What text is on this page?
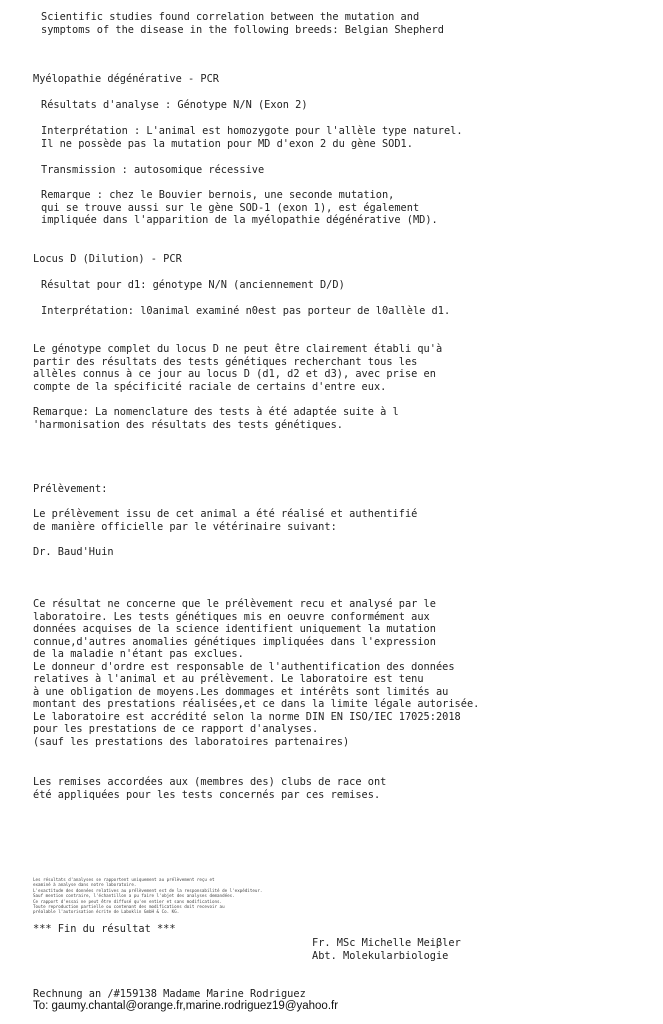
Scientific studies found correlation between the mutation and
symptoms of the disease in the following breeds: Belgian Shepherd
Myélopathie dégénérative - PCR
Résultats d'analyse : Génotype N/N (Exon 2)
Interprétation : L'animal est homozygote pour l'allèle type naturel.
Il ne possède pas la mutation pour MD d'exon 2 du gène SOD1.
Transmission : autosomique récessive
Remarque : chez le Bouvier bernois, une seconde mutation,
qui se trouve aussi sur le gène SOD-1 (exon 1), est également
impliquée dans l'apparition de la myélopathie dégénérative (MD).
Locus D (Dilution) - PCR
Résultat pour d1: génotype N/N (anciennement D/D)
Interprétation: l0animal examiné n0est pas porteur de l0allèle d1.
Le génotype complet du locus D ne peut être clairement établi qu'à
partir des résultats des tests génétiques recherchant tous les
allèles connus à ce jour au locus D (d1, d2 et d3), avec prise en
compte de la spécificité raciale de certains d'entre eux.
Remarque: La nomenclature des tests à été adaptée suite à l
'harmonisation des résultats des tests génétiques.
Prélèvement:
Le prélèvement issu de cet animal a été réalisé et authentifié
de manière officielle par le vétérinaire suivant:
Dr. Baud'Huin
Ce résultat ne concerne que le prélèvement recu et analysé par le
laboratoire. Les tests génétiques mis en oeuvre conformément aux
données acquises de la science identifient uniquement la mutation
connue,d'autres anomalies génétiques impliquées dans l'expression
de la maladie n'étant pas exclues.
Le donneur d'ordre est responsable de l'authentification des données
relatives à l'animal et au prélèvement. Le laboratoire est tenu
à une obligation de moyens.Les dommages et intérêts sont limités au
montant des prestations réalisées,et ce dans la limite légale autorisée.
Le laboratoire est accrédité selon la norme DIN EN ISO/IEC 17025:2018
pour les prestations de ce rapport d'analyses.
(sauf les prestations des laboratoires partenaires)
Les remises accordées aux (membres des) clubs de race ont
été appliquées pour les tests concernés par ces remises.
Les résultats d'analyses se rapportent uniquement au prélèvement reçu et
examiné à analyse dans notre laboratoire.
L'exactitude des données relatives au prélèvement est de la responsabilité de l'expéditeur.
Sauf mention contraire, l'échantillon a pu faire l'objet des analyses demandées.
Ce rapport d'essai ne peut être diffusé qu'en entier et sans modifications.
Toute reproduction partielle ou contenant des modifications doit recevoir au
préalable l'autorisation écrite de Laboklin GmbH & Co. KG.
*** Fin du résultat ***
Fr. MSc Michelle Meiβler
Abt. Molekularbiologie
Rechnung an /#159138 Madame Marine Rodriguez
To: gaumy.chantal@orange.fr,marine.rodriguez19@yahoo.fr
